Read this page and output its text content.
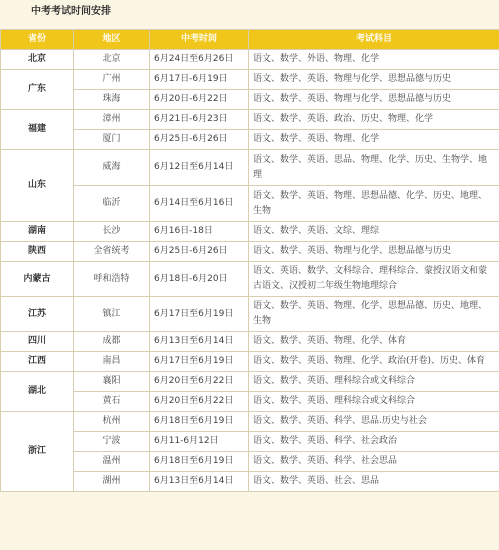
中考考试时间安排
省份	地区	中考时间	考试科目
北京	北京	6月24日至6月26日	语文、数学、外语、物理、化学
广东	广州	6月17日-6月19日	语文、数学、英语、物理与化学、思想品德与历史
	珠海	6月20日-6月22日	语文、数学、英语、物理与化学、思想品德与历史
福建	漳州	6月21日-6月23日	语文、数学、英语、政治、历史、物理、化学
	厦门	6月25日-6月26日	语文、数学、英语、物理、化学
山东	威海	6月12日至6月14日	语文、数学、英语、思品、物理、化学、历史、生物学、地理
	临沂	6月14日至6月16日	语文、数学、英语、物理、思想品德、化学、历史、地理、生物
湖南	长沙	6月16日-18日	语文、数学、英语、文综、理综
陕西	全省统考	6月25日-6月26日	语文、数学、英语、物理与化学、思想品德与历史
内蒙古	呼和浩特	6月18日-6月20日	语文、英语、数学、文科综合、理科综合、蒙授汉语文和蒙古语文、汉授初二年级生物地理综合
江苏	镇江	6月17日至6月19日	语文、数学、英语、物理、化学、思想品德、历史、地理、生物
四川	成都	6月13日至6月14日	语文、数学、英语、物理、化学、体育
江西	南昌	6月17日至6月19日	语文、数学、英语、物理、化学、政治(开卷)、历史、体育
湖北	襄阳	6月20日至6月22日	语文、数学、英语、理科综合或文科综合
	黄石	6月20日至6月22日	语文、数学、英语、理科综合或文科综合
浙江	杭州	6月18日至6月19日	语文、数学、英语、科学、思品.历史与社会
	宁波	6月11-6月12日	语文、数学、英语、科学、社会政治
	温州	6月18日至6月19日	语文、数学、英语、科学、社会思品
	湖州	6月13日至6月14日	语文、数学、英语、社会、思品
